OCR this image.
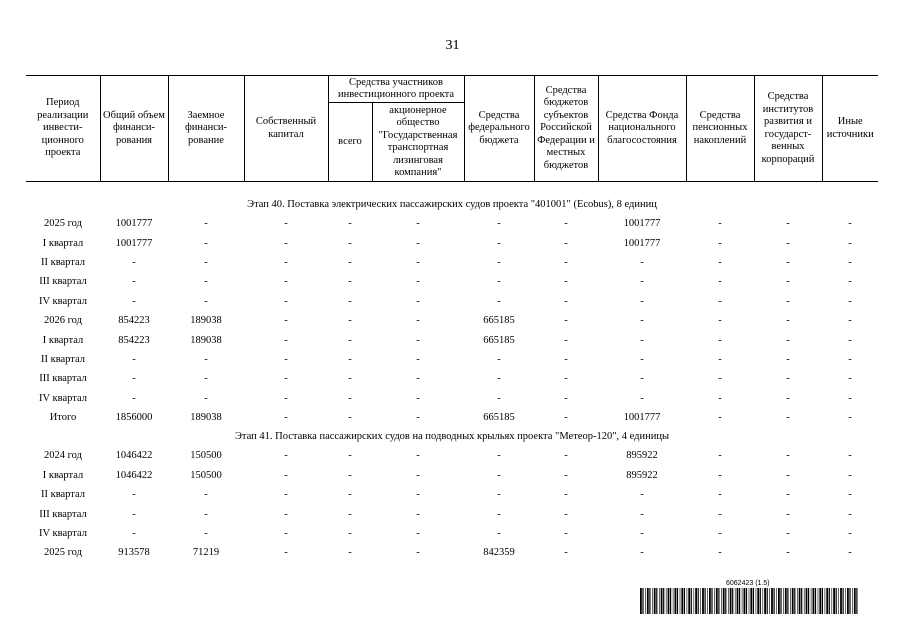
31
Период реализации инвести-ционного проекта	Общий объем финанси-рования	Заемное финанси-рование	Собственный капитал	Средства участников инвестиционного проекта		Средства федерального бюджета	Средства бюджетов субъектов Российской Федерации и местных бюджетов	Средства Фонда национального благосостояния	Средства пенсионных накоплений	Средства институтов развития и государст-венных корпораций	Иные источники
				всего	акционерное общество "Государственная транспортная лизинговая компания"						
Этап 40. Поставка электрических пассажирских судов проекта "401001" (Ecobus), 8 единиц											
2025 год	1001777	-	-	-	-	-	-	1001777	-	-	-
I квартал	1001777	-	-	-	-	-	-	1001777	-	-	-
II квартал	-	-	-	-	-	-	-	-	-	-	-
III квартал	-	-	-	-	-	-	-	-	-	-	-
IV квартал	-	-	-	-	-	-	-	-	-	-	-
2026 год	854223	189038	-	-	-	665185	-	-	-	-	-
I квартал	854223	189038	-	-	-	665185	-	-	-	-	-
II квартал	-	-	-	-	-	-	-	-	-	-	-
III квартал	-	-	-	-	-	-	-	-	-	-	-
IV квартал	-	-	-	-	-	-	-	-	-	-	-
Итого	1856000	189038	-	-	-	665185	-	1001777	-	-	-
Этап 41. Поставка пассажирских судов на подводных крыльях проекта "Метеор-120", 4 единицы											
2024 год	1046422	150500	-	-	-	-	-	895922	-	-	-
I квартал	1046422	150500	-	-	-	-	-	895922	-	-	-
II квартал	-	-	-	-	-	-	-	-	-	-	-
III квартал	-	-	-	-	-	-	-	-	-	-	-
IV квартал	-	-	-	-	-	-	-	-	-	-	-
2025 год	913578	71219	-	-	-	842359	-	-	-	-	-
6062423 (1.5)
